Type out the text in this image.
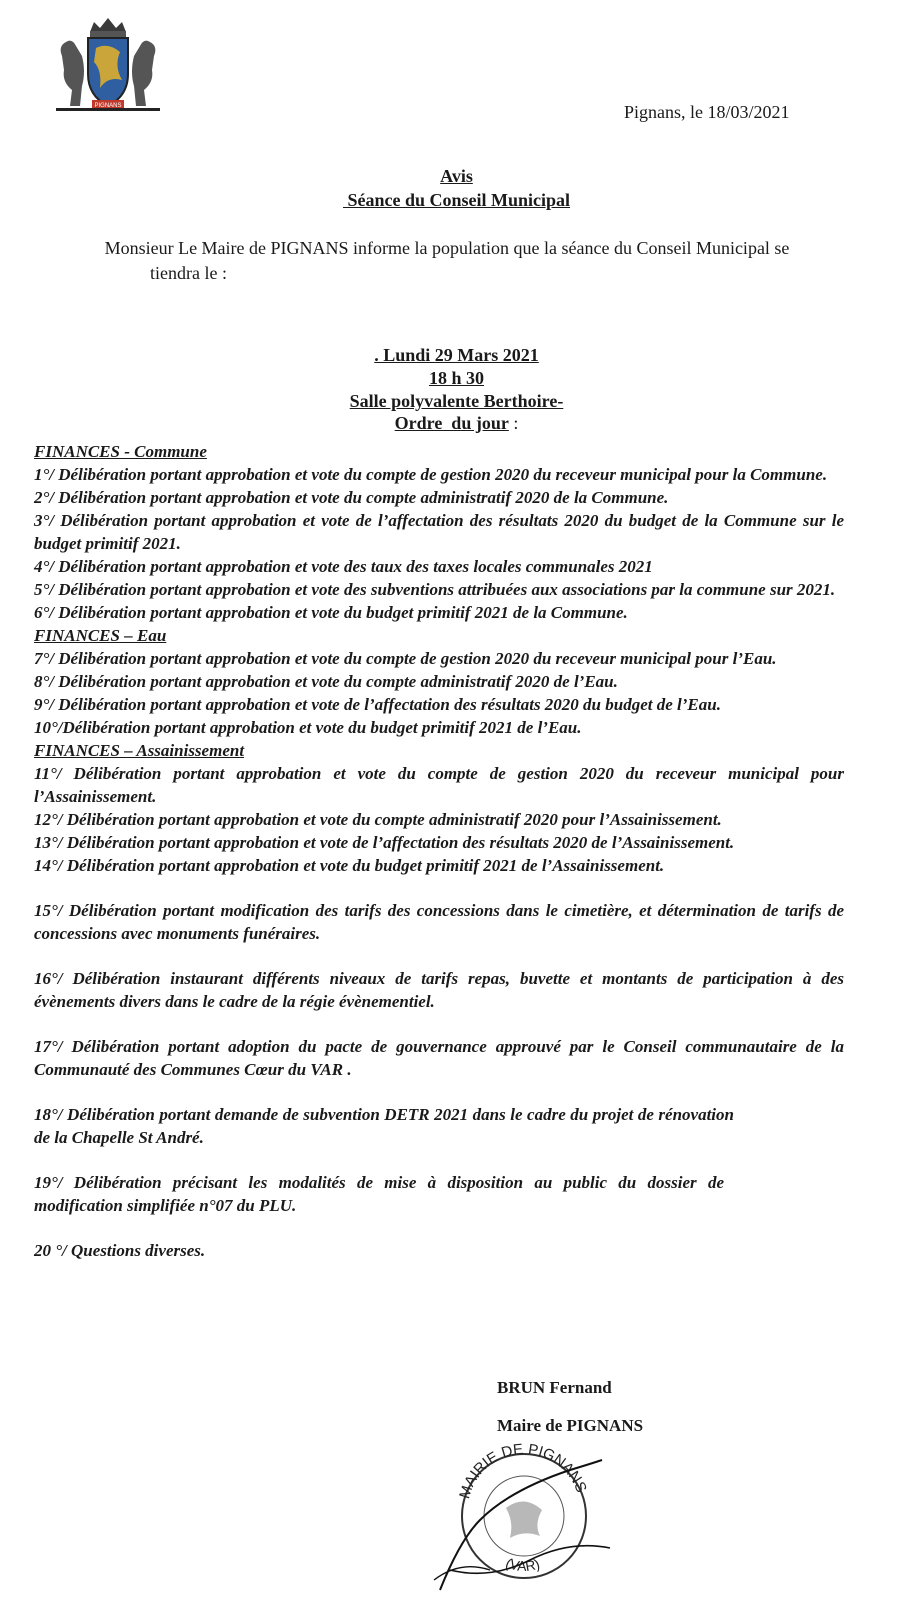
PIGNANS	Pignans, le 18/03/2021
Avis
Séance du Conseil Municipal
Monsieur Le Maire de PIGNANS informe la population que la séance du Conseil Municipal se
tiendra le :
. Lundi 29 Mars 2021
18 h 30
Salle polyvalente Berthoire-
Ordre  du jour :
FINANCES - Commune
1°/ Délibération portant approbation et vote du compte de gestion 2020 du receveur municipal pour la Commune.
2°/ Délibération portant approbation et vote du compte administratif 2020 de la Commune.
3°/ Délibération portant approbation et vote de l’affectation des résultats 2020 du budget de la Commune sur le budget primitif 2021.
4°/ Délibération portant approbation et vote des taux des taxes locales communales 2021
5°/ Délibération portant approbation et vote des subventions attribuées aux associations par la commune sur 2021.
6°/ Délibération portant approbation et vote du budget primitif 2021 de la Commune.
FINANCES – Eau
7°/ Délibération portant approbation et vote du compte de gestion 2020 du receveur municipal pour l’Eau.
8°/ Délibération portant approbation et vote du compte administratif 2020 de l’Eau.
9°/ Délibération portant approbation et vote de l’affectation des résultats 2020 du budget de l’Eau.
10°/Délibération portant approbation et vote du budget primitif 2021 de l’Eau.
FINANCES – Assainissement
11°/ Délibération portant approbation et vote du compte de gestion 2020 du receveur municipal pour l’Assainissement.
12°/ Délibération portant approbation et vote du compte administratif 2020 pour l’Assainissement.
13°/ Délibération portant approbation et vote de l’affectation des résultats 2020 de l’Assainissement.
14°/ Délibération portant approbation et vote du budget primitif 2021 de l’Assainissement.
15°/ Délibération portant modification des tarifs des concessions dans le cimetière, et détermination de tarifs de concessions avec monuments funéraires.
16°/ Délibération instaurant différents niveaux de tarifs repas, buvette et montants de participation à des évènements divers dans le cadre de la régie évènementiel.
17°/ Délibération portant adoption du pacte de gouvernance approuvé par le Conseil communautaire de la Communauté des Communes Cœur du VAR .
18°/ Délibération portant demande de subvention DETR 2021 dans le cadre du projet de rénovation de la Chapelle St André.
19°/ Délibération précisant les modalités de mise à disposition au public du dossier de modification simplifiée n°07 du PLU.
20 °/ Questions diverses.
BRUN Fernand
Maire de PIGNANS
MAIRIE DE PIGNANS
(VAR)
